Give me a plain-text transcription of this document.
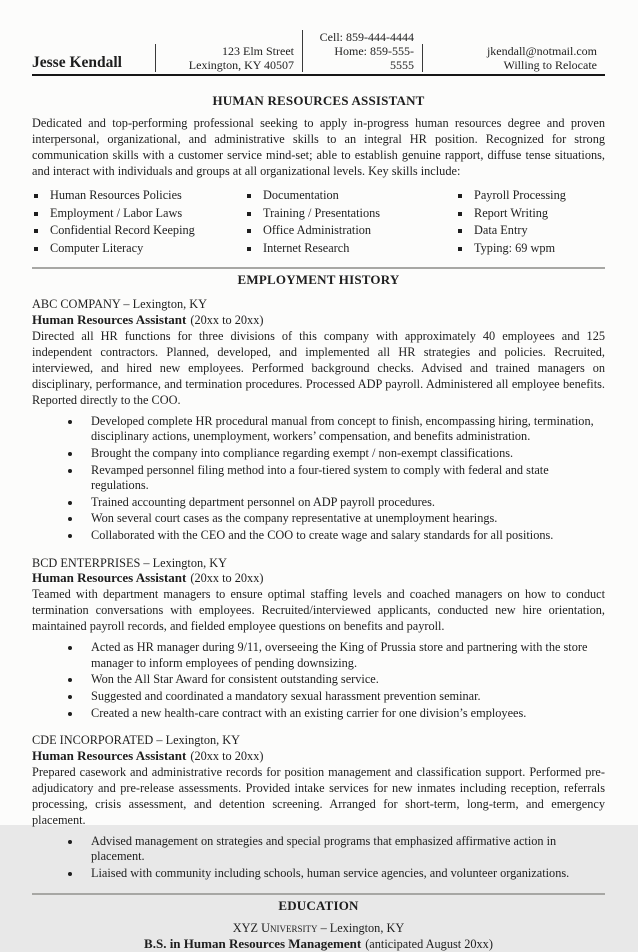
Jesse Kendall
123 Elm Street
Lexington, KY 40507
Cell: 859-444-4444
Home: 859-555-5555
jkendall@notmail.com
Willing to Relocate
HUMAN RESOURCES ASSISTANT
Dedicated and top-performing professional seeking to apply in-progress human resources degree and proven interpersonal, organizational, and administrative skills to an integral HR position. Recognized for strong communication skills with a customer service mind-set; able to establish genuine rapport, diffuse tense situations, and interact with individuals and groups at all organizational levels. Key skills include:
▪ Human Resources Policies
▪ Employment / Labor Laws
▪ Confidential Record Keeping
▪ Computer Literacy
▪ Documentation
▪ Training / Presentations
▪ Office Administration
▪ Internet Research
▪ Payroll Processing
▪ Report Writing
▪ Data Entry
▪ Typing: 69 wpm
EMPLOYMENT HISTORY
ABC COMPANY – Lexington, KY
Human Resources Assistant (20xx to 20xx)
Directed all HR functions for three divisions of this company with approximately 40 employees and 125 independent contractors. Planned, developed, and implemented all HR strategies and policies. Recruited, interviewed, and hired new employees. Performed background checks. Advised and trained managers on disciplinary, performance, and termination procedures. Processed ADP payroll. Administered all employee benefits. Reported directly to the COO.
• Developed complete HR procedural manual from concept to finish, encompassing hiring, termination, disciplinary actions, unemployment, workers’ compensation, and benefits administration.
• Brought the company into compliance regarding exempt / non-exempt classifications.
• Revamped personnel filing method into a four-tiered system to comply with federal and state regulations.
• Trained accounting department personnel on ADP payroll procedures.
• Won several court cases as the company representative at unemployment hearings.
• Collaborated with the CEO and the COO to create wage and salary standards for all positions.
BCD ENTERPRISES – Lexington, KY
Human Resources Assistant (20xx to 20xx)
Teamed with department managers to ensure optimal staffing levels and coached managers on how to conduct termination conversations with employees. Recruited/interviewed applicants, conducted new hire orientation, maintained payroll records, and fielded employee questions on benefits and payroll.
• Acted as HR manager during 9/11, overseeing the King of Prussia store and partnering with the store manager to inform employees of pending downsizing.
• Won the All Star Award for consistent outstanding service.
• Suggested and coordinated a mandatory sexual harassment prevention seminar.
• Created a new health-care contract with an existing carrier for one division’s employees.
CDE INCORPORATED – Lexington, KY
Human Resources Assistant (20xx to 20xx)
Prepared casework and administrative records for position management and classification support. Performed pre-adjudicatory and pre-release assessments. Provided intake services for new inmates including reception, referrals processing, crisis assessment, and detention screening. Arranged for short-term, long-term, and emergency placement.
• Advised management on strategies and special programs that emphasized affirmative action in placement.
• Liaised with community including schools, human service agencies, and volunteer organizations.
EDUCATION
XYZ University – Lexington, KY
B.S. in Human Resources Management (anticipated August 20xx)
